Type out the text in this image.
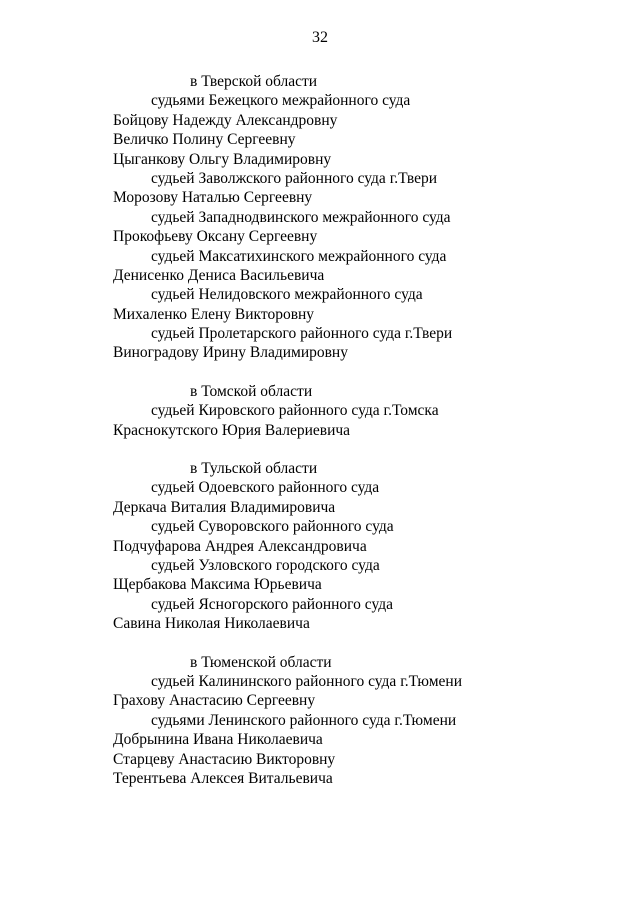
32
в Тверской области
судьями Бежецкого межрайонного суда
Бойцову Надежду Александровну
Величко Полину Сергеевну
Цыганкову Ольгу Владимировну
судьей Заволжского районного суда г.Твери
Морозову Наталью Сергеевну
судьей Западнодвинского межрайонного суда
Прокофьеву Оксану Сергеевну
судьей Максатихинского межрайонного суда
Денисенко Дениса Васильевича
судьей Нелидовского межрайонного суда
Михаленко Елену Викторовну
судьей Пролетарского районного суда г.Твери
Виноградову Ирину Владимировну
в Томской области
судьей Кировского районного суда г.Томска
Краснокутского Юрия Валериевича
в Тульской области
судьей Одоевского районного суда
Деркача Виталия Владимировича
судьей Суворовского районного суда
Подчуфарова Андрея Александровича
судьей Узловского городского суда
Щербакова Максима Юрьевича
судьей Ясногорского районного суда
Савина Николая Николаевича
в Тюменской области
судьей Калининского районного суда г.Тюмени
Грахову Анастасию Сергеевну
судьями Ленинского районного суда г.Тюмени
Добрынина Ивана Николаевича
Старцеву Анастасию Викторовну
Терентьева Алексея Витальевича
